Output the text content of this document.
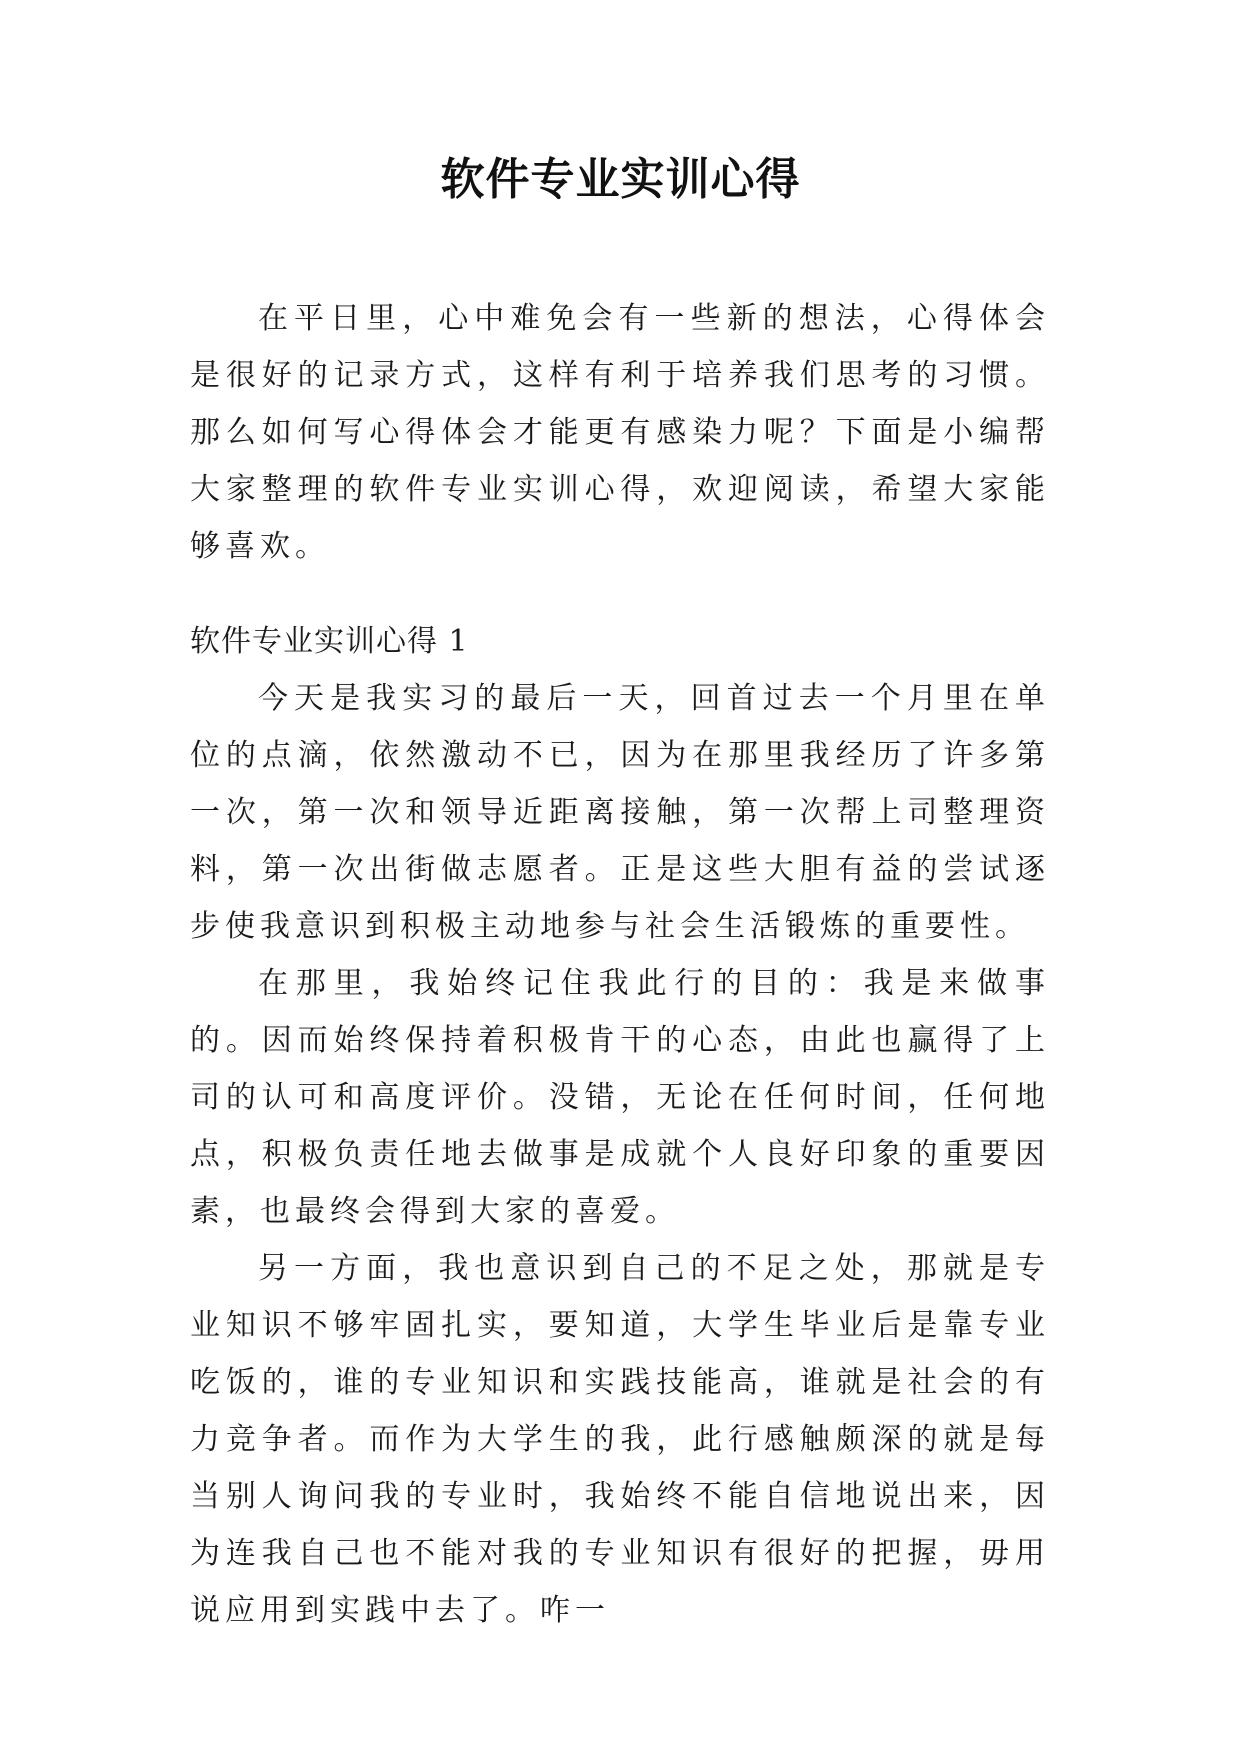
软件专业实训心得

在平日里，心中难免会有一些新的想法，心得体会是很好的记录方式，这样有利于培养我们思考的习惯。那么如何写心得体会才能更有感染力呢？下面是小编帮大家整理的软件专业实训心得，欢迎阅读，希望大家能够喜欢。

软件专业实训心得 1

今天是我实习的最后一天，回首过去一个月里在单位的点滴，依然激动不已，因为在那里我经历了许多第一次，第一次和领导近距离接触，第一次帮上司整理资料，第一次出街做志愿者。正是这些大胆有益的尝试逐步使我意识到积极主动地参与社会生活锻炼的重要性。

在那里，我始终记住我此行的目的：我是来做事的。因而始终保持着积极肯干的心态，由此也赢得了上司的认可和高度评价。没错，无论在任何时间，任何地点，积极负责任地去做事是成就个人良好印象的重要因素，也最终会得到大家的喜爱。

另一方面，我也意识到自己的不足之处，那就是专业知识不够牢固扎实，要知道，大学生毕业后是靠专业吃饭的，谁的专业知识和实践技能高，谁就是社会的有力竞争者。而作为大学生的我，此行感触颇深的就是每当别人询问我的专业时，我始终不能自信地说出来，因为连我自己也不能对我的专业知识有很好的把握，毋用说应用到实践中去了。咋一
